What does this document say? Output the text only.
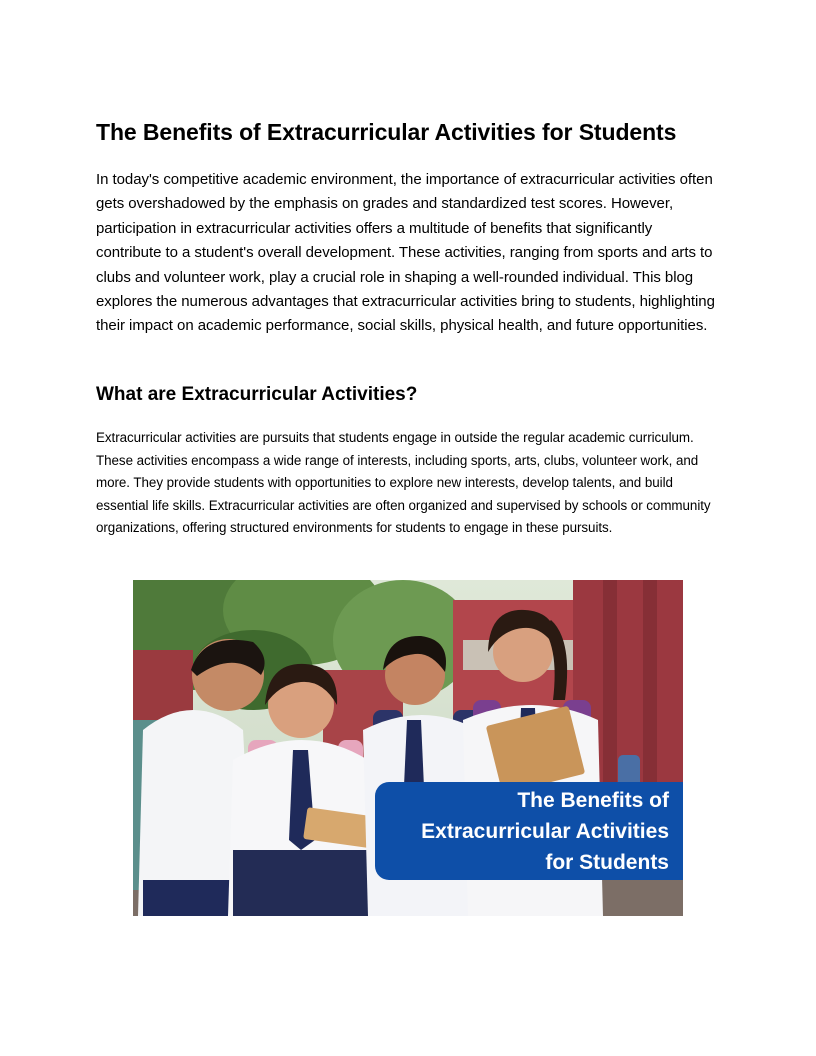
The Benefits of Extracurricular Activities for Students

In today's competitive academic environment, the importance of extracurricular activities often gets overshadowed by the emphasis on grades and standardized test scores. However, participation in extracurricular activities offers a multitude of benefits that significantly contribute to a student's overall development. These activities, ranging from sports and arts to clubs and volunteer work, play a crucial role in shaping a well-rounded individual. This blog explores the numerous advantages that extracurricular activities bring to students, highlighting their impact on academic performance, social skills, physical health, and future opportunities.

What are Extracurricular Activities?

Extracurricular activities are pursuits that students engage in outside the regular academic curriculum. These activities encompass a wide range of interests, including sports, arts, clubs, volunteer work, and more. They provide students with opportunities to explore new interests, develop talents, and build essential life skills. Extracurricular activities are often organized and supervised by schools or community organizations, offering structured environments for students to engage in these pursuits.

The Benefits of
Extracurricular Activities
for Students
